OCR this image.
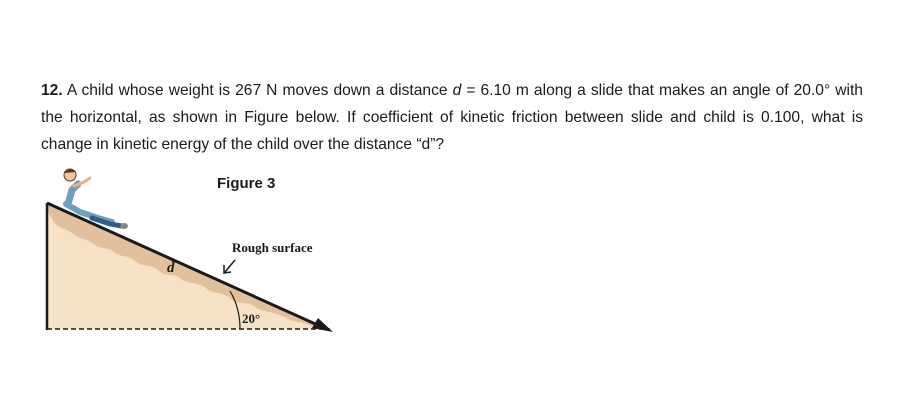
12. A child whose weight is 267 N moves down a distance d = 6.10 m along a slide that makes an angle of 20.0° with the horizontal, as shown in Figure below. If coefficient of kinetic friction between slide and child is 0.100, what is change in kinetic energy of the child over the distance “d”?
Figure 3
d
Rough surface
20°
